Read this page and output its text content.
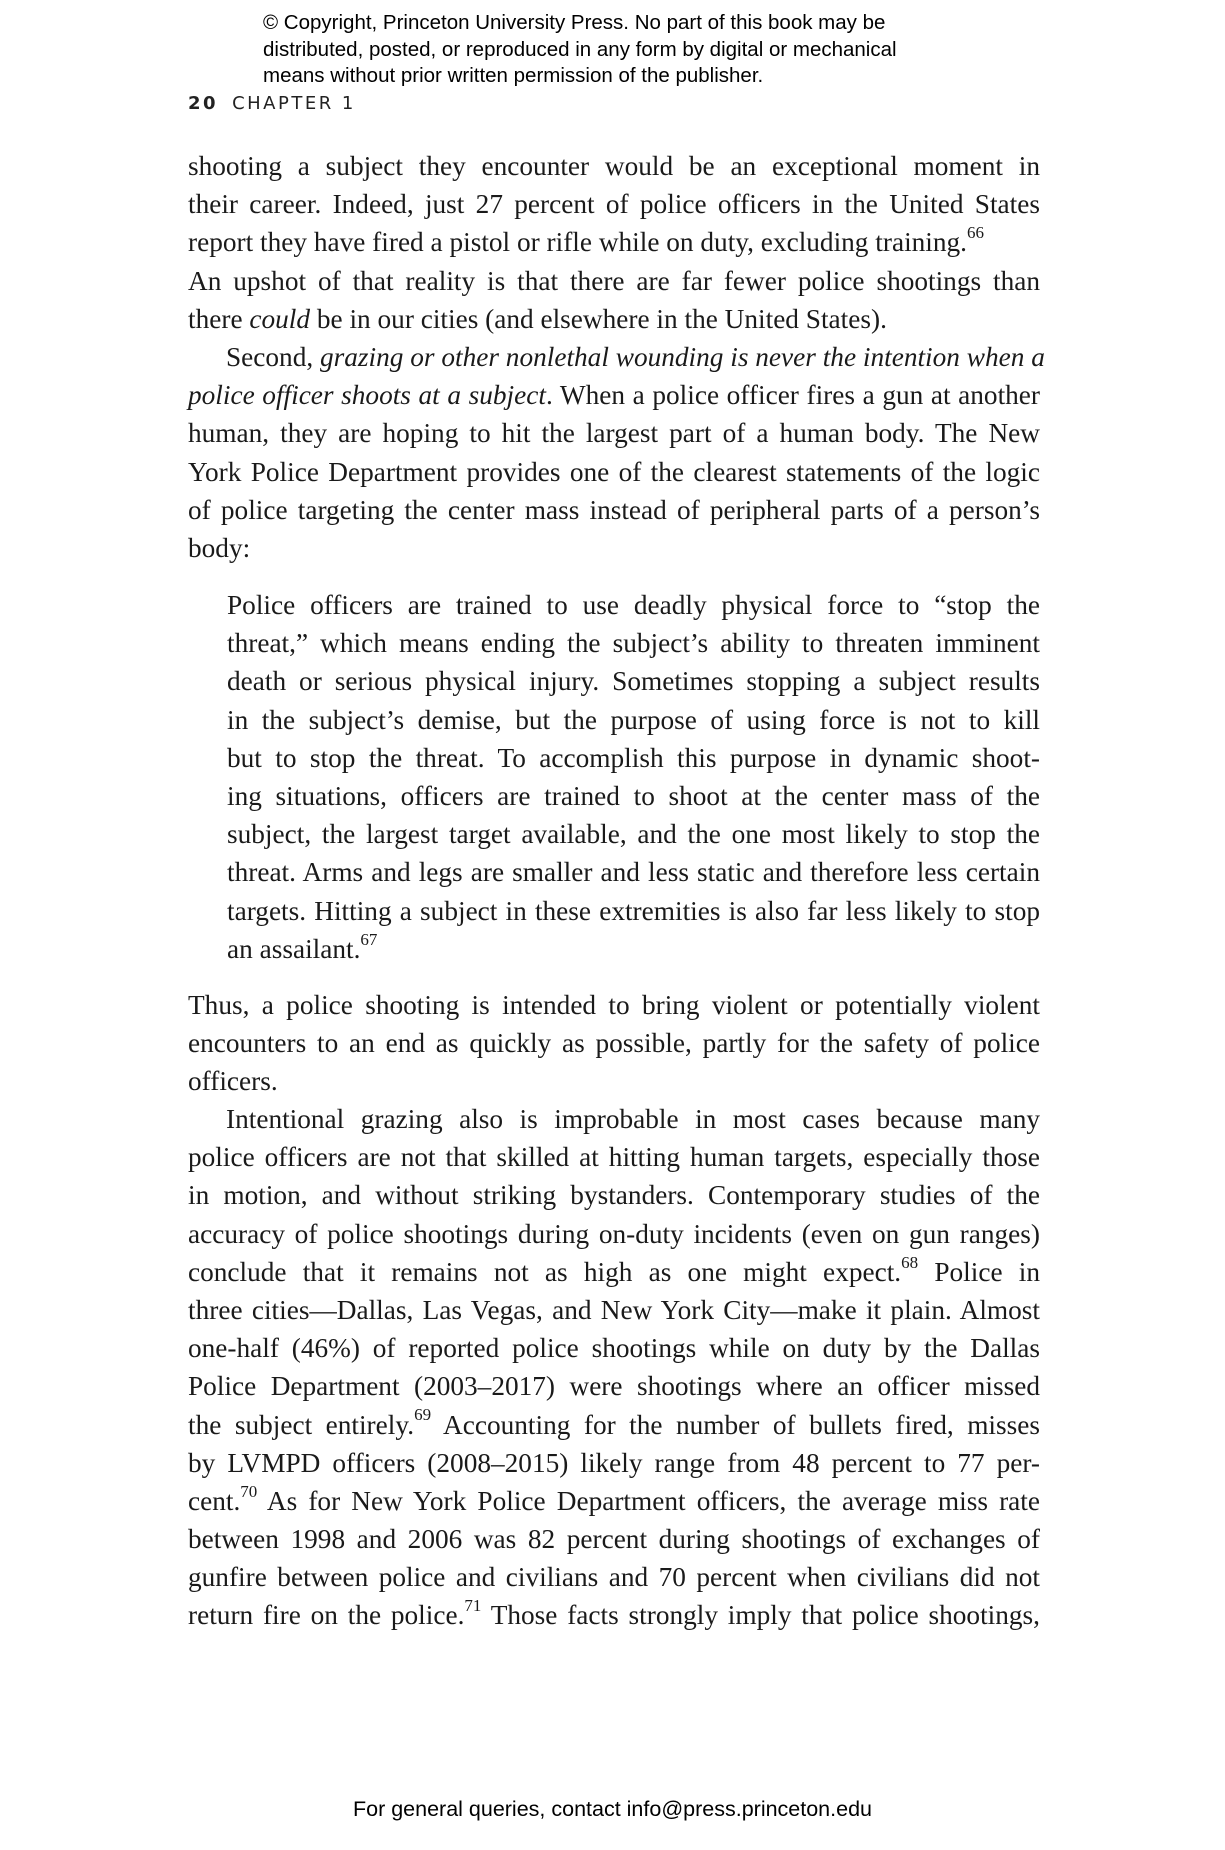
© Copyright, Princeton University Press. No part of this book may be
distributed, posted, or reproduced in any form by digital or mechanical
means without prior written permission of the publisher.
20 CHAPTER 1
shooting a subject they encounter would be an exceptional moment in
their career. Indeed, just 27 percent of police officers in the United States
report they have fired a pistol or rifle while on duty, excluding training.$^{66}$
An upshot of that reality is that there are far fewer police shootings than
there could be in our cities (and elsewhere in the United States).
Second, grazing or other nonlethal wounding is never the intention when a
police officer shoots at a subject. When a police officer fires a gun at another
human, they are hoping to hit the largest part of a human body. The New
York Police Department provides one of the clearest statements of the logic
of police targeting the center mass instead of peripheral parts of a person’s
body:
Police officers are trained to use deadly physical force to “stop the
threat,” which means ending the subject’s ability to threaten imminent
death or serious physical injury. Sometimes stopping a subject results
in the subject’s demise, but the purpose of using force is not to kill
but to stop the threat. To accomplish this purpose in dynamic shoot-
ing situations, officers are trained to shoot at the center mass of the
subject, the largest target available, and the one most likely to stop the
threat. Arms and legs are smaller and less static and therefore less certain
targets. Hitting a subject in these extremities is also far less likely to stop
an assailant.$^{67}$
Thus, a police shooting is intended to bring violent or potentially violent
encounters to an end as quickly as possible, partly for the safety of police
officers.
Intentional grazing also is improbable in most cases because many
police officers are not that skilled at hitting human targets, especially those
in motion, and without striking bystanders. Contemporary studies of the
accuracy of police shootings during on-duty incidents (even on gun ranges)
conclude that it remains not as high as one might expect.$^{68}$ Police in
three cities—Dallas, Las Vegas, and New York City—make it plain. Almost
one-half (46%) of reported police shootings while on duty by the Dallas
Police Department (2003–2017) were shootings where an officer missed
the subject entirely.$^{69}$ Accounting for the number of bullets fired, misses
by LVMPD officers (2008–2015) likely range from 48 percent to 77 per-
cent.$^{70}$ As for New York Police Department officers, the average miss rate
between 1998 and 2006 was 82 percent during shootings of exchanges of
gunfire between police and civilians and 70 percent when civilians did not
return fire on the police.$^{71}$ Those facts strongly imply that police shootings,
For general queries, contact info@press.princeton.edu
